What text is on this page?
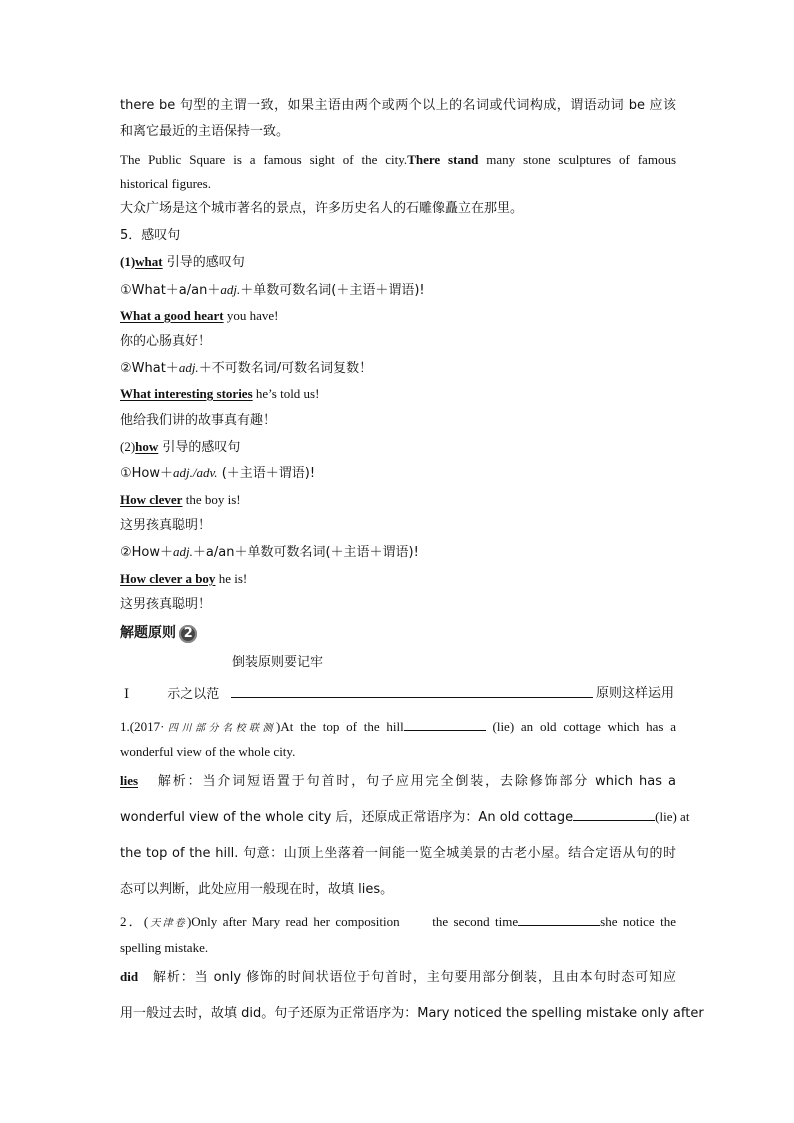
there be 句型的主谓一致，如果主语由两个或两个以上的名词或代词构成，谓语动词 be 应该
和离它最近的主语保持一致。
The Public Square is a famous sight of the city.There stand many stone sculptures of famous
historical figures.
大众广场是这个城市著名的景点，许多历史名人的石雕像矗立在那里。
5．感叹句
(1)what 引导的感叹句
①What＋a/an＋adj.＋单数可数名词(＋主语＋谓语)!
What a good heart you have!
你的心肠真好！
②What＋adj.＋不可数名词/可数名词复数！
What interesting stories he’s told us!
他给我们讲的故事真有趣！
(2)how 引导的感叹句
①How＋adj./adv. (＋主语＋谓语)!
How clever the boy is!
这男孩真聪明！
②How＋adj.＋a/an＋单数可数名词(＋主语＋谓语)!
How clever a boy he is!
这男孩真聪明！
解题原则 2
倒装原则要记牢
Ⅰ	示之以范	原则这样运用
1.(2017·四川部分名校联测)At the top of the hill	(lie) an old cottage which has a
wonderful view of the whole city.
lies 解析：当介词短语置于句首时，句子应用完全倒装，去除修饰部分 which has a
wonderful view of the whole city 后，还原成正常语序为：An old cottage	(lie) at
the top of the hill. 句意：山顶上坐落着一间能一览全城美景的古老小屋。结合定语从句的时
态可以判断，此处应用一般现在时，故填 lies。
2．(天津卷)Only after Mary read her composition      the second time	she notice the
spelling mistake.
did 解析：当 only 修饰的时间状语位于句首时，主句要用部分倒装，且由本句时态可知应
用一般过去时，故填 did。句子还原为正常语序为：Mary noticed the spelling mistake only after
